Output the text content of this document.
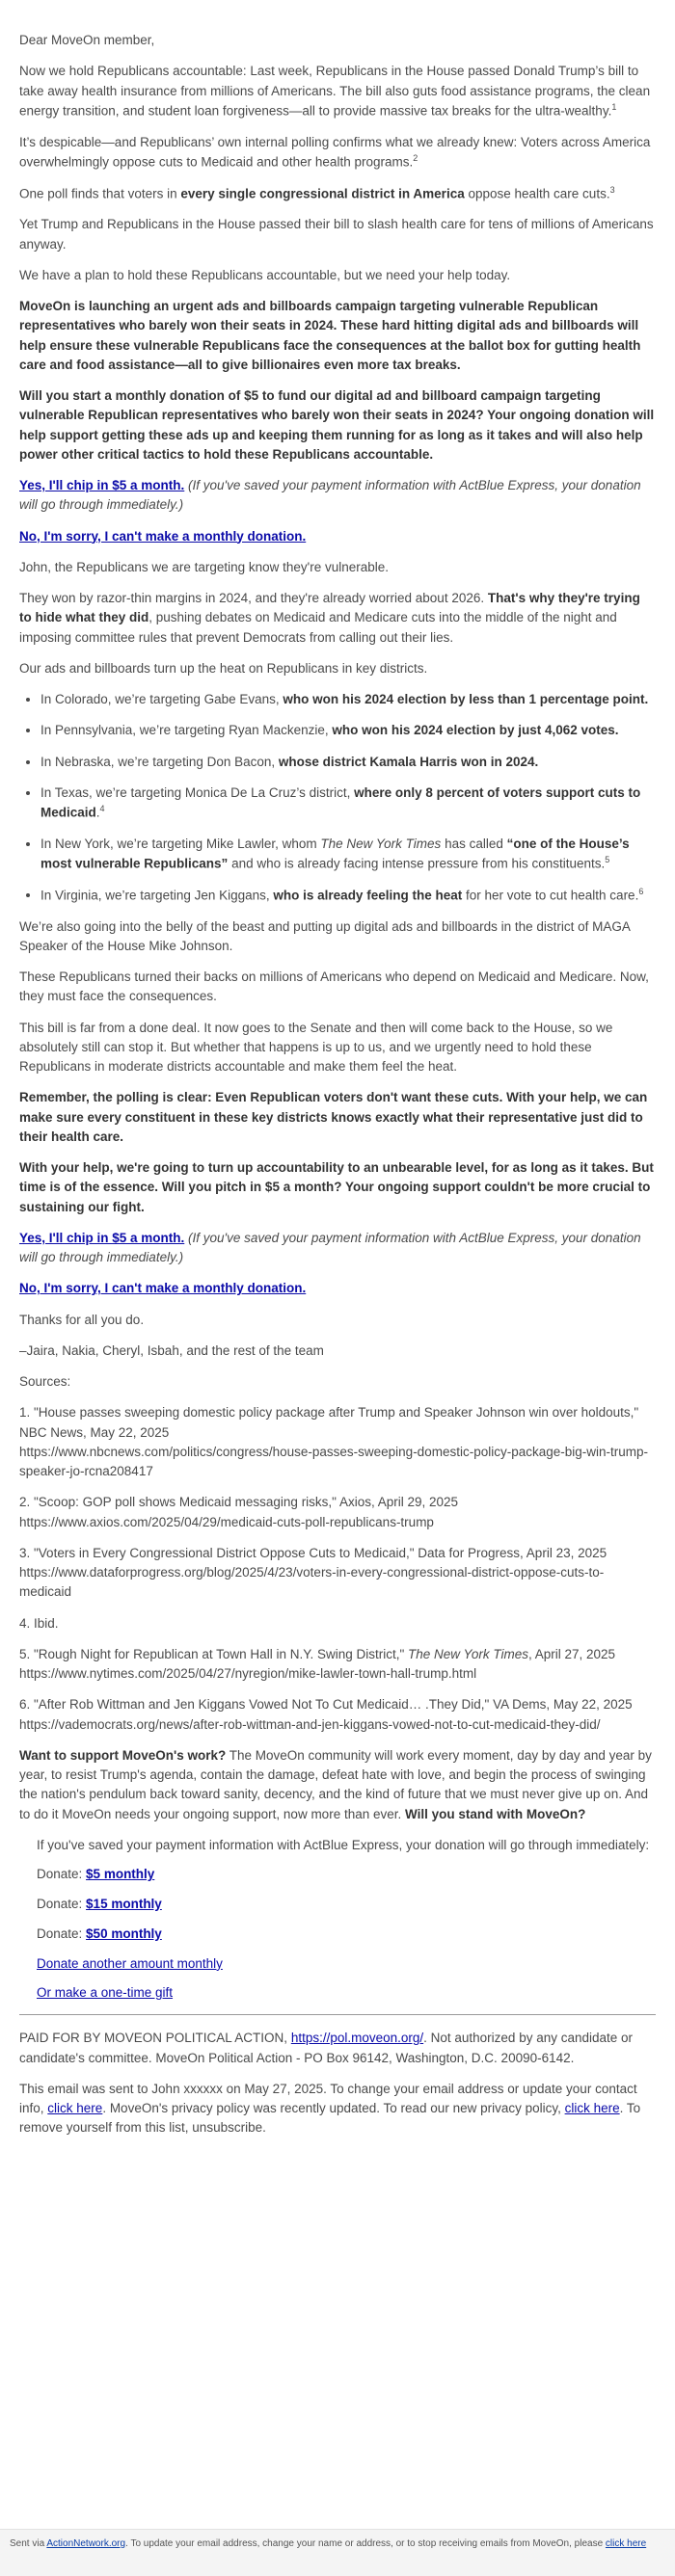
Dear MoveOn member,

Now we hold Republicans accountable: Last week, Republicans in the House passed Donald Trump’s bill to take away health insurance from millions of Americans. The bill also guts food assistance programs, the clean energy transition, and student loan forgiveness—all to provide massive tax breaks for the ultra-wealthy.$^1$

It’s despicable—and Republicans’ own internal polling confirms what we already knew: Voters across America overwhelmingly oppose cuts to Medicaid and other health programs.$^2$

One poll finds that voters in every single congressional district in America oppose health care cuts.$^3$

Yet Trump and Republicans in the House passed their bill to slash health care for tens of millions of Americans anyway.

We have a plan to hold these Republicans accountable, but we need your help today.

MoveOn is launching an urgent ads and billboards campaign targeting vulnerable Republican representatives who barely won their seats in 2024. These hard hitting digital ads and billboards will help ensure these vulnerable Republicans face the consequences at the ballot box for gutting health care and food assistance—all to give billionaires even more tax breaks.

Will you start a monthly donation of $5 to fund our digital ad and billboard campaign targeting vulnerable Republican representatives who barely won their seats in 2024? Your ongoing donation will help support getting these ads up and keeping them running for as long as it takes and will also help power other critical tactics to hold these Republicans accountable.

Yes, I'll chip in $5 a month. (If you've saved your payment information with ActBlue Express, your donation will go through immediately.)

No, I'm sorry, I can't make a monthly donation.

John, the Republicans we are targeting know they're vulnerable.

They won by razor-thin margins in 2024, and they're already worried about 2026. That's why they're trying to hide what they did, pushing debates on Medicaid and Medicare cuts into the middle of the night and imposing committee rules that prevent Democrats from calling out their lies.

Our ads and billboards turn up the heat on Republicans in key districts.

• In Colorado, we’re targeting Gabe Evans, who won his 2024 election by less than 1 percentage point.
• In Pennsylvania, we’re targeting Ryan Mackenzie, who won his 2024 election by just 4,062 votes.
• In Nebraska, we’re targeting Don Bacon, whose district Kamala Harris won in 2024.
• In Texas, we’re targeting Monica De La Cruz’s district, where only 8 percent of voters support cuts to Medicaid.$^4$
• In New York, we’re targeting Mike Lawler, whom The New York Times has called “one of the House’s most vulnerable Republicans” and who is already facing intense pressure from his constituents.$^5$
• In Virginia, we’re targeting Jen Kiggans, who is already feeling the heat for her vote to cut health care.$^6$

We’re also going into the belly of the beast and putting up digital ads and billboards in the district of MAGA Speaker of the House Mike Johnson.

These Republicans turned their backs on millions of Americans who depend on Medicaid and Medicare. Now, they must face the consequences.

This bill is far from a done deal. It now goes to the Senate and then will come back to the House, so we absolutely still can stop it. But whether that happens is up to us, and we urgently need to hold these Republicans in moderate districts accountable and make them feel the heat.

Remember, the polling is clear: Even Republican voters don't want these cuts. With your help, we can make sure every constituent in these key districts knows exactly what their representative just did to their health care.

With your help, we're going to turn up accountability to an unbearable level, for as long as it takes. But time is of the essence. Will you pitch in $5 a month? Your ongoing support couldn't be more crucial to sustaining our fight.

Yes, I'll chip in $5 a month. (If you've saved your payment information with ActBlue Express, your donation will go through immediately.)

No, I'm sorry, I can't make a monthly donation.

Thanks for all you do.

–Jaira, Nakia, Cheryl, Isbah, and the rest of the team

Sources:

1. "House passes sweeping domestic policy package after Trump and Speaker Johnson win over holdouts," NBC News, May 22, 2025
https://www.nbcnews.com/politics/congress/house-passes-sweeping-domestic-policy-package-big-win-trump-speaker-jo-rcna208417

2. "Scoop: GOP poll shows Medicaid messaging risks," Axios, April 29, 2025
https://www.axios.com/2025/04/29/medicaid-cuts-poll-republicans-trump

3. "Voters in Every Congressional District Oppose Cuts to Medicaid," Data for Progress, April 23, 2025
https://www.dataforprogress.org/blog/2025/4/23/voters-in-every-congressional-district-oppose-cuts-to-medicaid

4. Ibid.

5. "Rough Night for Republican at Town Hall in N.Y. Swing District," The New York Times, April 27, 2025
https://www.nytimes.com/2025/04/27/nyregion/mike-lawler-town-hall-trump.html

6. "After Rob Wittman and Jen Kiggans Vowed Not To Cut Medicaid… .They Did," VA Dems, May 22, 2025
https://vademocrats.org/news/after-rob-wittman-and-jen-kiggans-vowed-not-to-cut-medicaid-they-did/

Want to support MoveOn's work? The MoveOn community will work every moment, day by day and year by year, to resist Trump's agenda, contain the damage, defeat hate with love, and begin the process of swinging the nation's pendulum back toward sanity, decency, and the kind of future that we must never give up on. And to do it MoveOn needs your ongoing support, now more than ever. Will you stand with MoveOn?

If you've saved your payment information with ActBlue Express, your donation will go through immediately:

Donate: $5 monthly

Donate: $15 monthly

Donate: $50 monthly

Donate another amount monthly

Or make a one-time gift

PAID FOR BY MOVEON POLITICAL ACTION, https://pol.moveon.org/. Not authorized by any candidate or candidate's committee. MoveOn Political Action - PO Box 96142, Washington, D.C. 20090-6142.

This email was sent to John xxxxxx on May 27, 2025. To change your email address or update your contact info, click here. MoveOn's privacy policy was recently updated. To read our new privacy policy, click here. To remove yourself from this list, unsubscribe.

Sent via ActionNetwork.org. To update your email address, change your name or address, or to stop receiving emails from MoveOn, please click here
